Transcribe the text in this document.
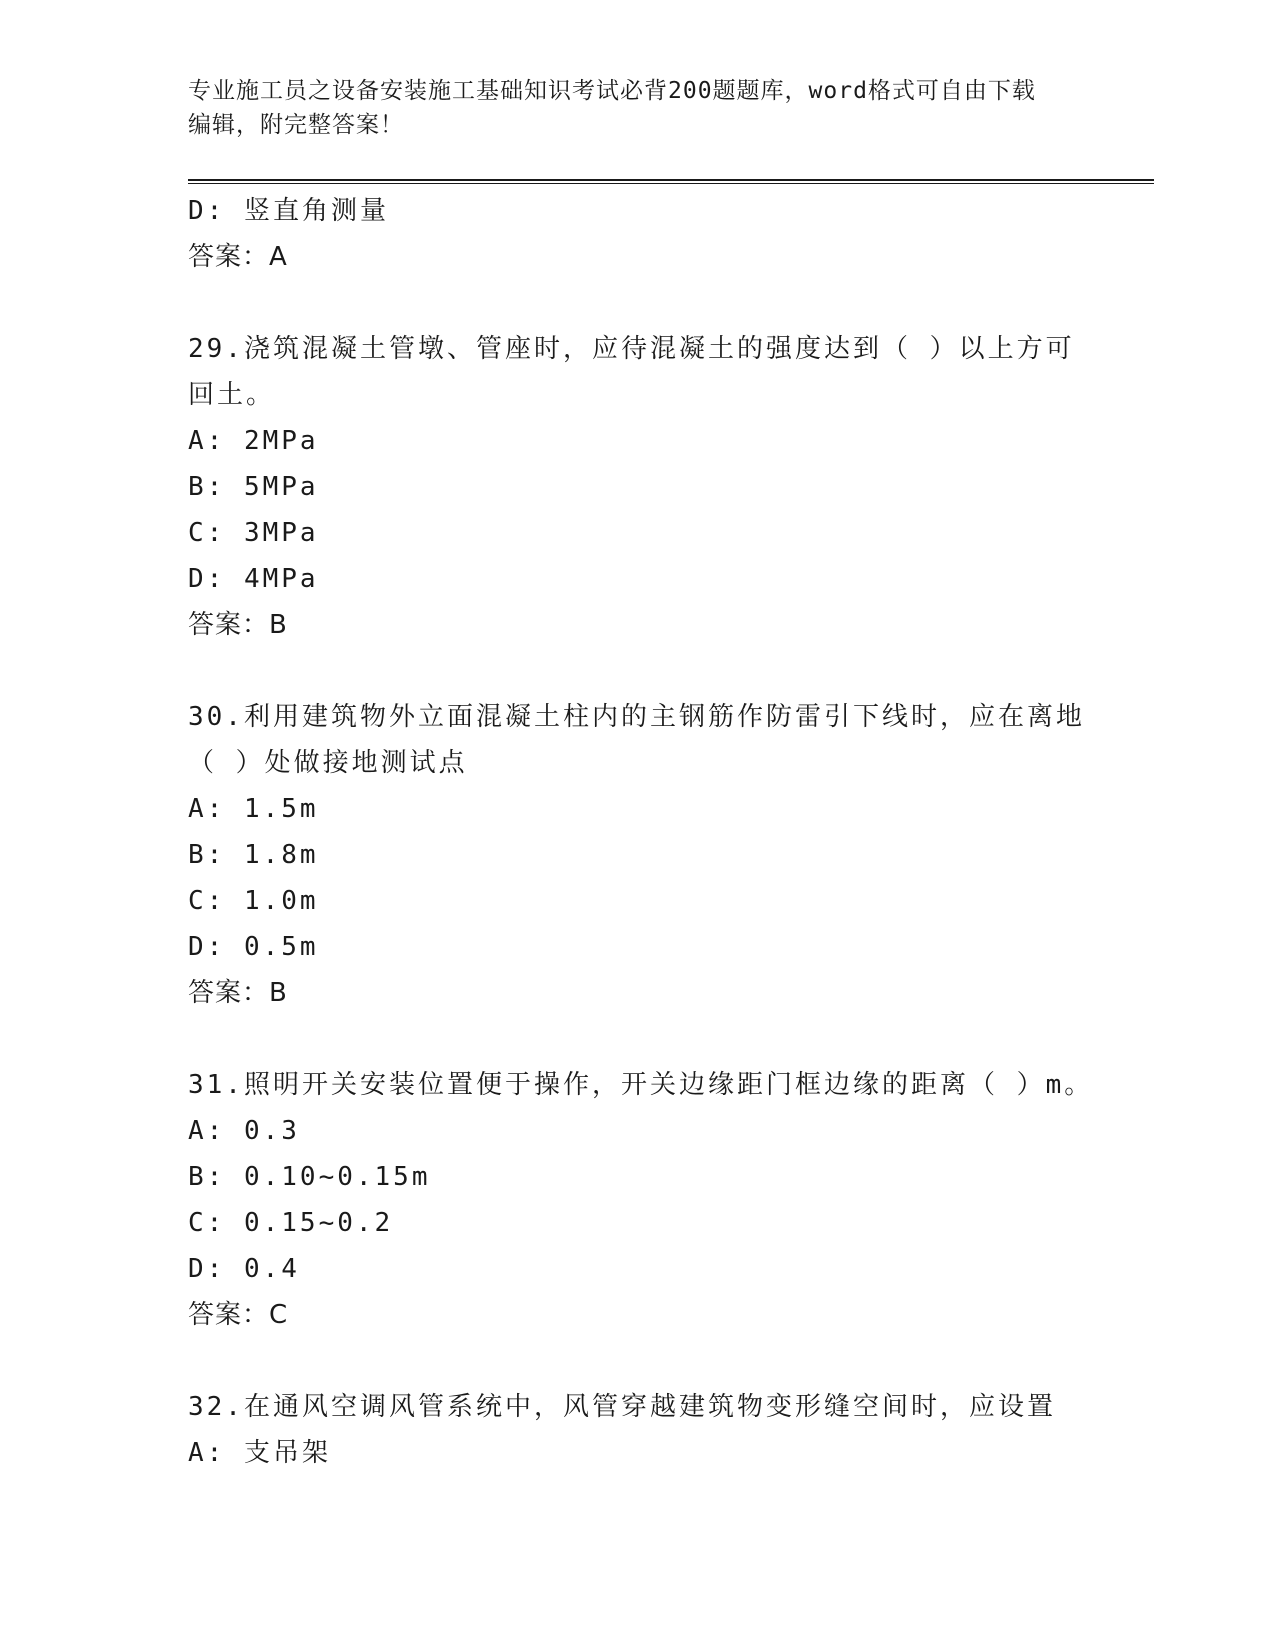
专业施工员之设备安装施工基础知识考试必背200题题库，word格式可自由下载
编辑，附完整答案！
D: 竖直角测量
答案：A
29.浇筑混凝土管墩、管座时，应待混凝土的强度达到（ ）以上方可
回土。
A: 2MPa
B: 5MPa
C: 3MPa
D: 4MPa
答案：B
30.利用建筑物外立面混凝土柱内的主钢筋作防雷引下线时，应在离地
（ ）处做接地测试点
A: 1.5m
B: 1.8m
C: 1.0m
D: 0.5m
答案：B
31.照明开关安装位置便于操作，开关边缘距门框边缘的距离（ ）m。
A: 0.3
B: 0.10~0.15m
C: 0.15~0.2
D: 0.4
答案：C
32.在通风空调风管系统中，风管穿越建筑物变形缝空间时，应设置
A: 支吊架
